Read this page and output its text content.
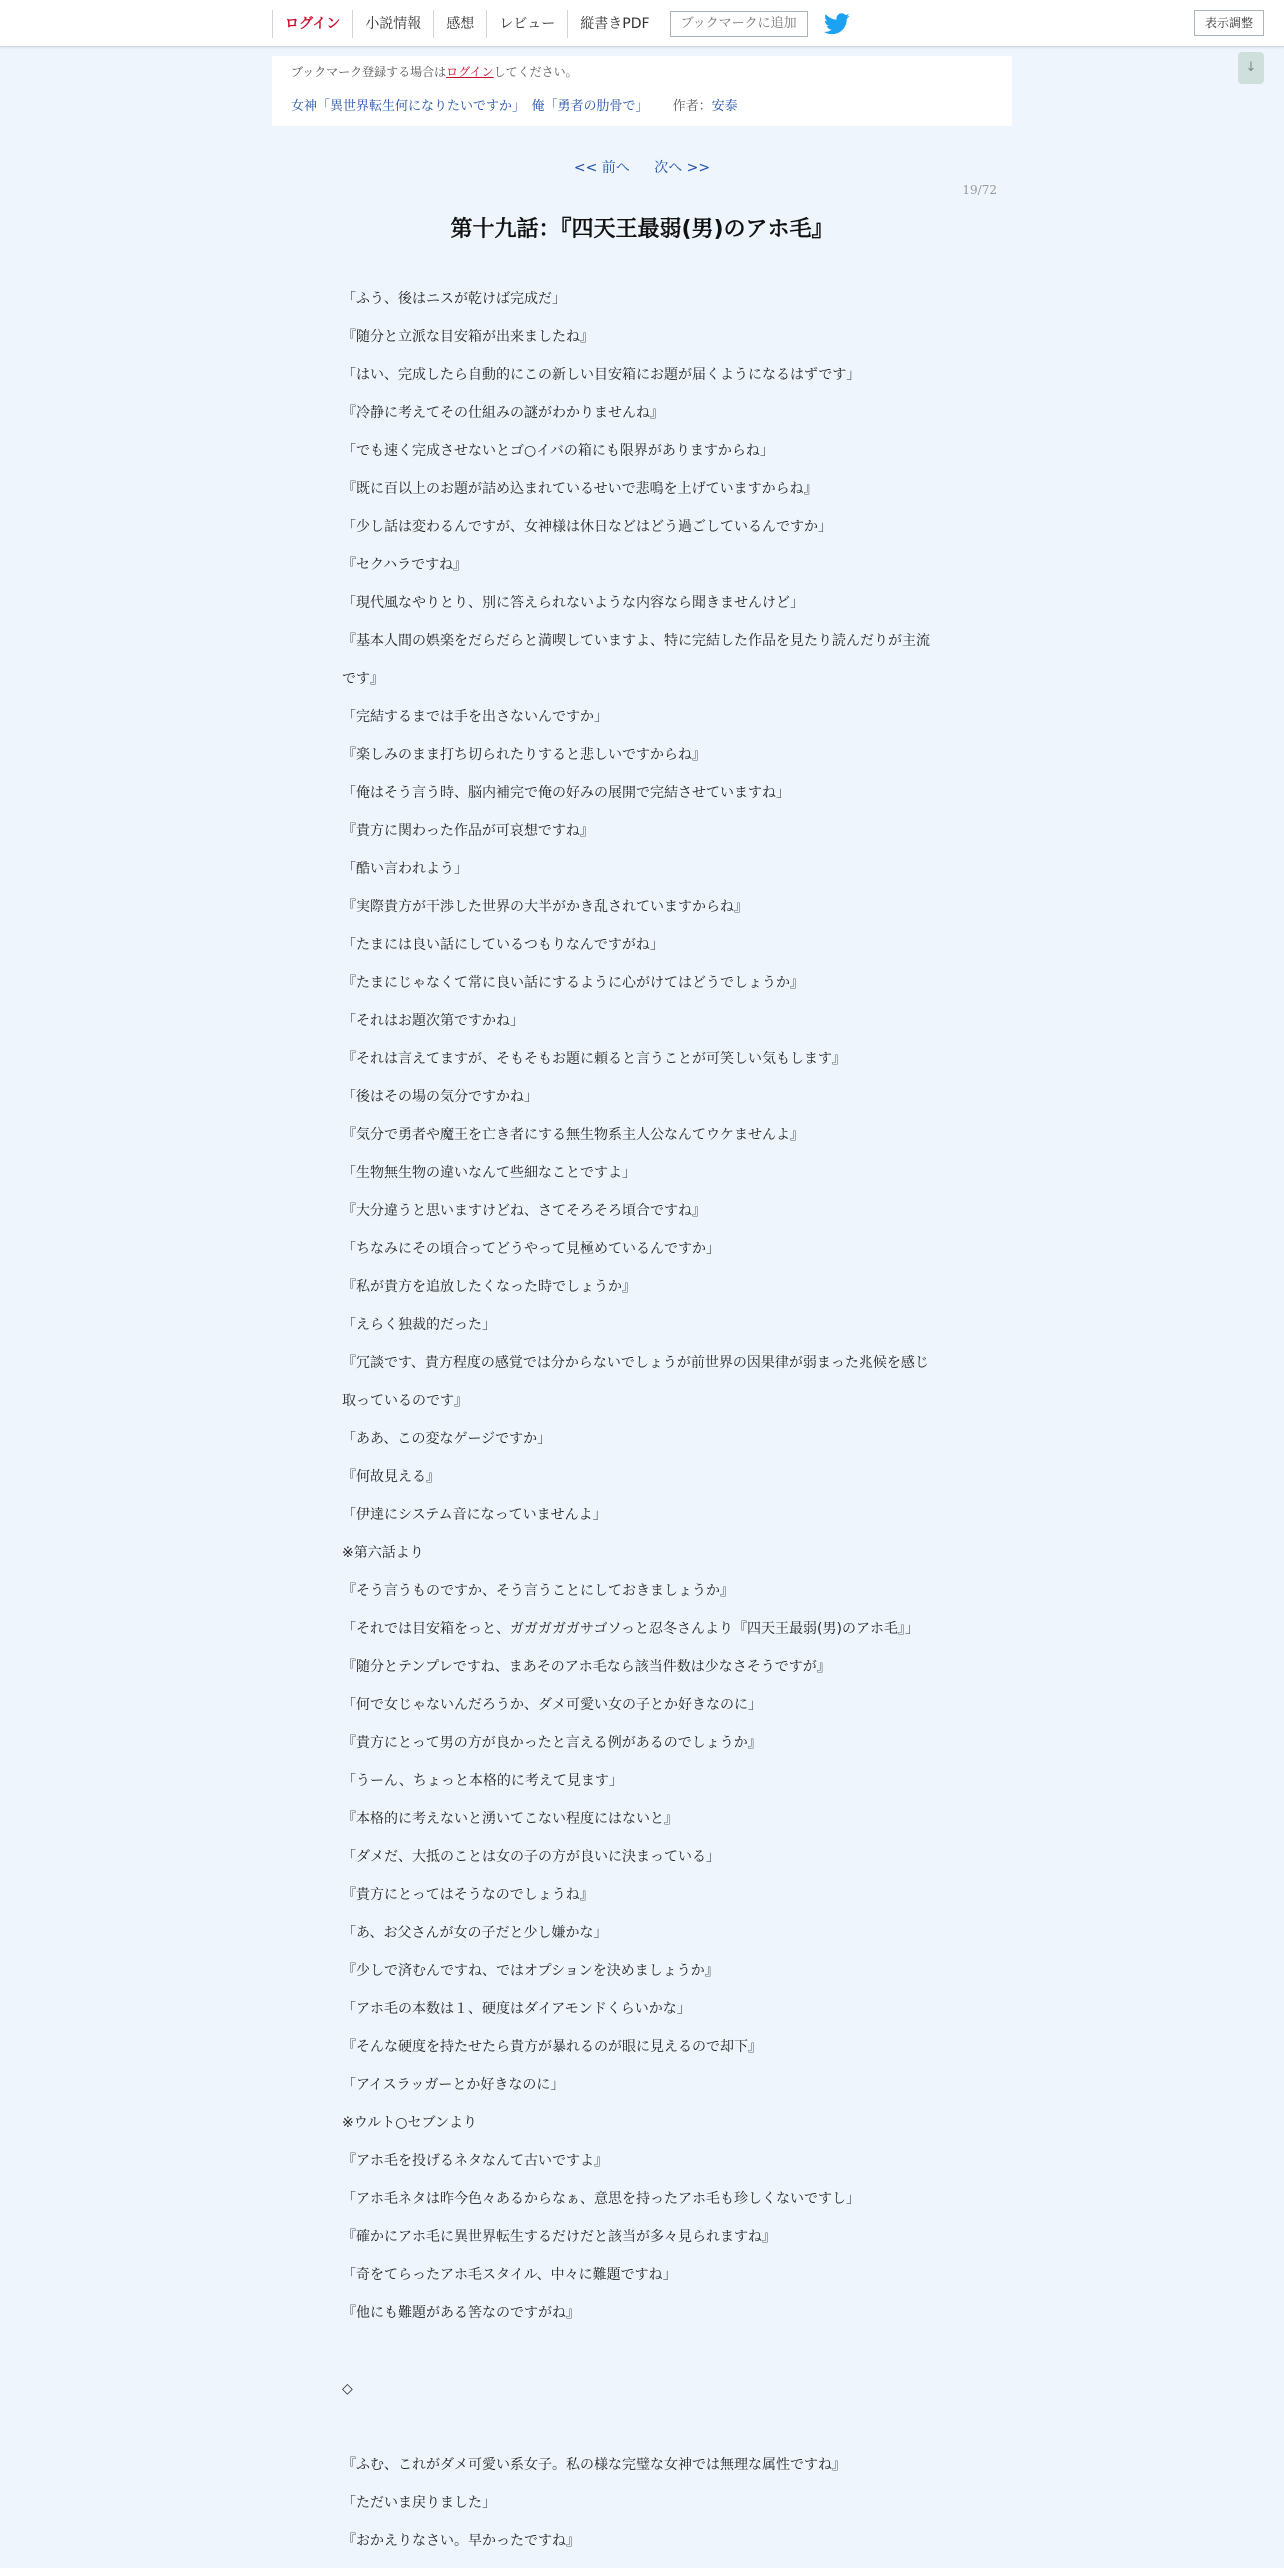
ログイン	小説情報	感想	レビュー	縦書きPDF	ブックマークに追加	表示調整
↓
ブックマーク登録する場合はログインしてください。
女神「異世界転生何になりたいですか」　俺「勇者の肋骨で」 作者：安泰
<< 前へ 次へ >>
19/72
第十九話：『四天王最弱(男)のアホ毛』
「ふう、後はニスが乾けば完成だ」
『随分と立派な目安箱が出来ましたね』
「はい、完成したら自動的にこの新しい目安箱にお題が届くようになるはずです」
『冷静に考えてその仕組みの謎がわかりませんね』
「でも速く完成させないとゴ○イバの箱にも限界がありますからね」
『既に百以上のお題が詰め込まれているせいで悲鳴を上げていますからね』
「少し話は変わるんですが、女神様は休日などはどう過ごしているんですか」
『セクハラですね』
「現代風なやりとり、別に答えられないような内容なら聞きませんけど」
『基本人間の娯楽をだらだらと満喫していますよ、特に完結した作品を見たり読んだりが主流です』
「完結するまでは手を出さないんですか」
『楽しみのまま打ち切られたりすると悲しいですからね』
「俺はそう言う時、脳内補完で俺の好みの展開で完結させていますね」
『貴方に関わった作品が可哀想ですね』
「酷い言われよう」
『実際貴方が干渉した世界の大半がかき乱されていますからね』
「たまには良い話にしているつもりなんですがね」
『たまにじゃなくて常に良い話にするように心がけてはどうでしょうか』
「それはお題次第ですかね」
『それは言えてますが、そもそもお題に頼ると言うことが可笑しい気もします』
「後はその場の気分ですかね」
『気分で勇者や魔王を亡き者にする無生物系主人公なんてウケませんよ』
「生物無生物の違いなんて些細なことですよ」
『大分違うと思いますけどね、さてそろそろ頃合ですね』
「ちなみにその頃合ってどうやって見極めているんですか」
『私が貴方を追放したくなった時でしょうか』
「えらく独裁的だった」
『冗談です、貴方程度の感覚では分からないでしょうが前世界の因果律が弱まった兆候を感じ取っているのです』
「ああ、この変なゲージですか」
『何故見える』
「伊達にシステム音になっていませんよ」
※第六話より
『そう言うものですか、そう言うことにしておきましょうか』
「それでは目安箱をっと、ガガガガガサゴソっと忍冬さんより『四天王最弱(男)のアホ毛』」
『随分とテンプレですね、まあそのアホ毛なら該当件数は少なさそうですが』
「何で女じゃないんだろうか、ダメ可愛い女の子とか好きなのに」
『貴方にとって男の方が良かったと言える例があるのでしょうか』
「うーん、ちょっと本格的に考えて見ます」
『本格的に考えないと湧いてこない程度にはないと』
「ダメだ、大抵のことは女の子の方が良いに決まっている」
『貴方にとってはそうなのでしょうね』
「あ、お父さんが女の子だと少し嫌かな」
『少しで済むんですね、ではオプションを決めましょうか』
「アホ毛の本数は１、硬度はダイアモンドくらいかな」
『そんな硬度を持たせたら貴方が暴れるのが眼に見えるので却下』
「アイスラッガーとか好きなのに」
※ウルト○セブンより
『アホ毛を投げるネタなんて古いですよ』
「アホ毛ネタは昨今色々あるからなぁ、意思を持ったアホ毛も珍しくないですし」
『確かにアホ毛に異世界転生するだけだと該当が多々見られますね』
「奇をてらったアホ毛スタイル、中々に難題ですね」
『他にも難題がある筈なのですがね』
◇
『ふむ、これがダメ可愛い系女子。私の様な完璧な女神では無理な属性ですね』
「ただいま戻りました」
『おかえりなさい。早かったですね』
